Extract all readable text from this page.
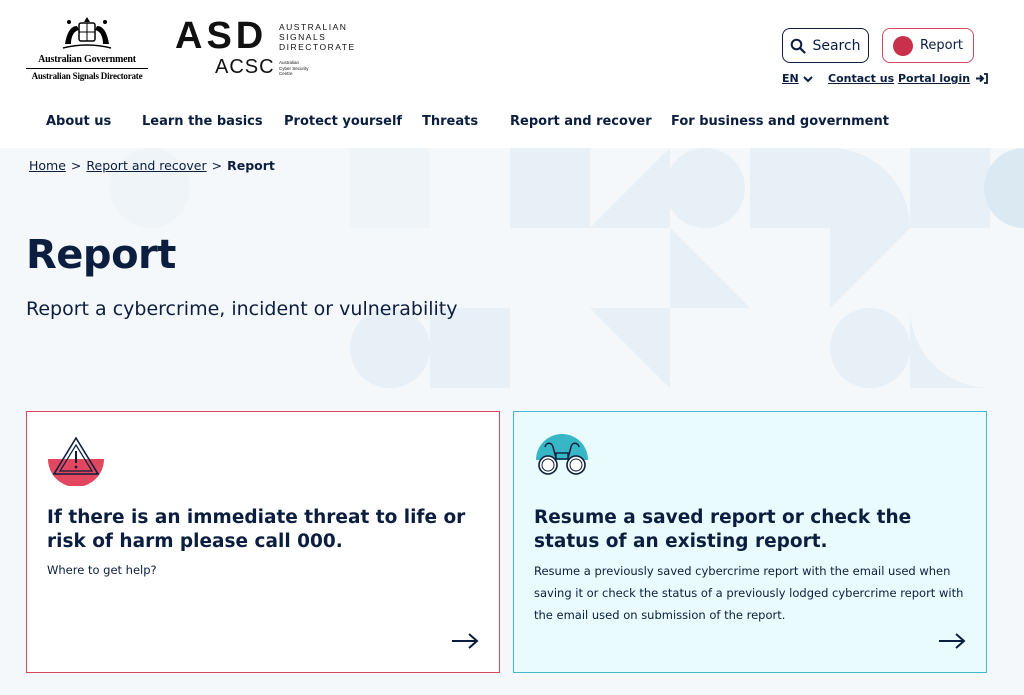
Australian Government
Australian Signals Directorate
ASD AUSTRALIAN
SIGNALS
DIRECTORATE
ACSC Australian
Cyber Security
Centre
Search	Report
EN	Contact us Portal login
About us Learn the basics Protect yourself Threats Report and recover For business and government
Home > Report and recover > Report
Report
Report a cybercrime, incident or vulnerability
If there is an immediate threat to life or risk of harm please call 000.
Where to get help?
Resume a saved report or check the status of an existing report.
Resume a previously saved cybercrime report with the email used when saving it or check the status of a previously lodged cybercrime report with the email used on submission of the report.
